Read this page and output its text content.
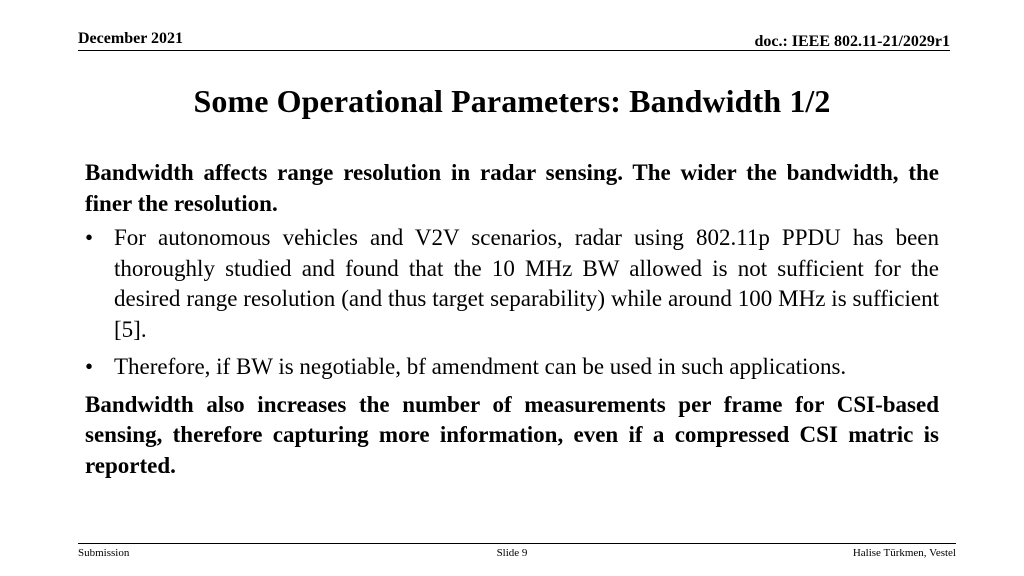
December 2021	doc.: IEEE 802.11-21/2029r1
Some Operational Parameters: Bandwidth 1/2

Bandwidth affects range resolution in radar sensing. The wider the bandwidth, the finer the resolution.

• For autonomous vehicles and V2V scenarios, radar using 802.11p PPDU has been thoroughly studied and found that the 10 MHz BW allowed is not sufficient for the desired range resolution (and thus target separability) while around 100 MHz is sufficient [5].
• Therefore, if BW is negotiable, bf amendment can be used in such applications.

Bandwidth also increases the number of measurements per frame for CSI-based sensing, therefore capturing more information, even if a compressed CSI matric is reported.

Submission	Slide 9	Halise Türkmen, Vestel
